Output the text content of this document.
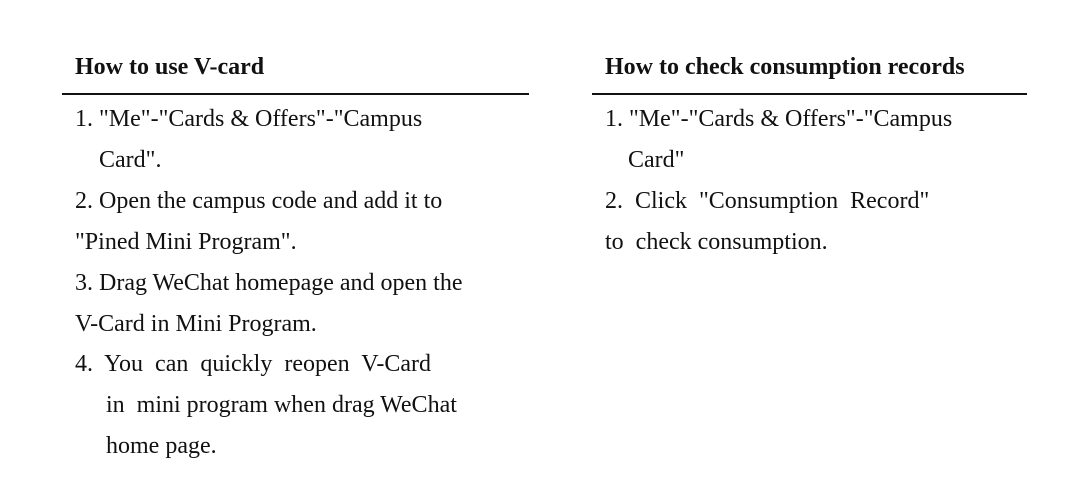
How to use V-card
1. "Me"-"Cards & Offers"-"Campus
Card".
2. Open the campus code and add it to
"Pined Mini Program".
3. Drag WeChat homepage and open the
V-Card in Mini Program.
4.  You  can  quickly  reopen  V-Card
in  mini program when drag WeChat
home page.
How to check consumption records
1. "Me"-"Cards & Offers"-"Campus
Card"
2.  Click  "Consumption  Record"
to  check consumption.
